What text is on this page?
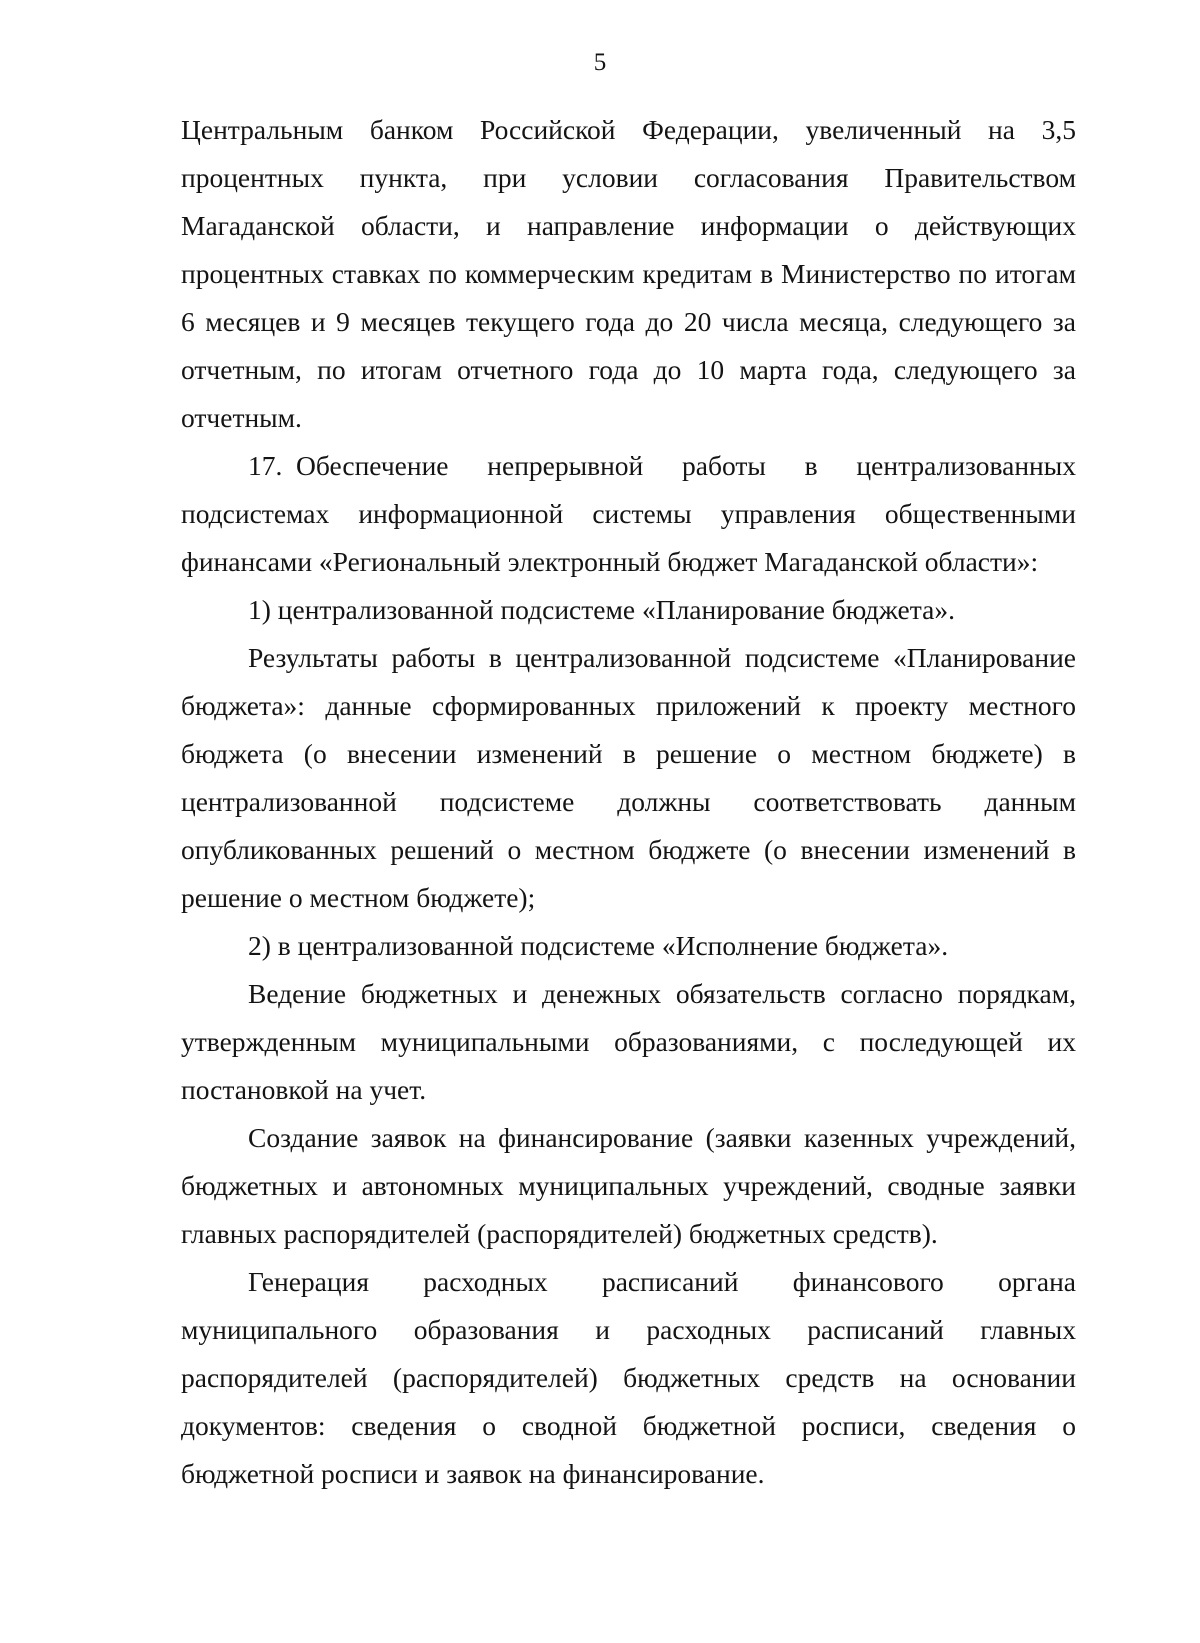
5

Центральным банком Российской Федерации, увеличенный на 3,5 процентных пункта, при условии согласования Правительством Магаданской области, и направление информации о действующих процентных ставках по коммерческим кредитам в Министерство по итогам 6 месяцев и 9 месяцев текущего года до 20 числа месяца, следующего за отчетным, по итогам отчетного года до 10 марта года, следующего за отчетным.

17. Обеспечение непрерывной работы в централизованных подсистемах информационной системы управления общественными финансами «Региональный электронный бюджет Магаданской области»:

1) централизованной подсистеме «Планирование бюджета».

Результаты работы в централизованной подсистеме «Планирование бюджета»: данные сформированных приложений к проекту местного бюджета (о внесении изменений в решение о местном бюджете) в централизованной подсистеме должны соответствовать данным опубликованных решений о местном бюджете (о внесении изменений в решение о местном бюджете);

2) в централизованной подсистеме «Исполнение бюджета».

Ведение бюджетных и денежных обязательств согласно порядкам, утвержденным муниципальными образованиями, с последующей их постановкой на учет.

Создание заявок на финансирование (заявки казенных учреждений, бюджетных и автономных муниципальных учреждений, сводные заявки главных распорядителей (распорядителей) бюджетных средств).

Генерация расходных расписаний финансового органа муниципального образования и расходных расписаний главных распорядителей (распорядителей) бюджетных средств на основании документов: сведения о сводной бюджетной росписи, сведения о бюджетной росписи и заявок на финансирование.
